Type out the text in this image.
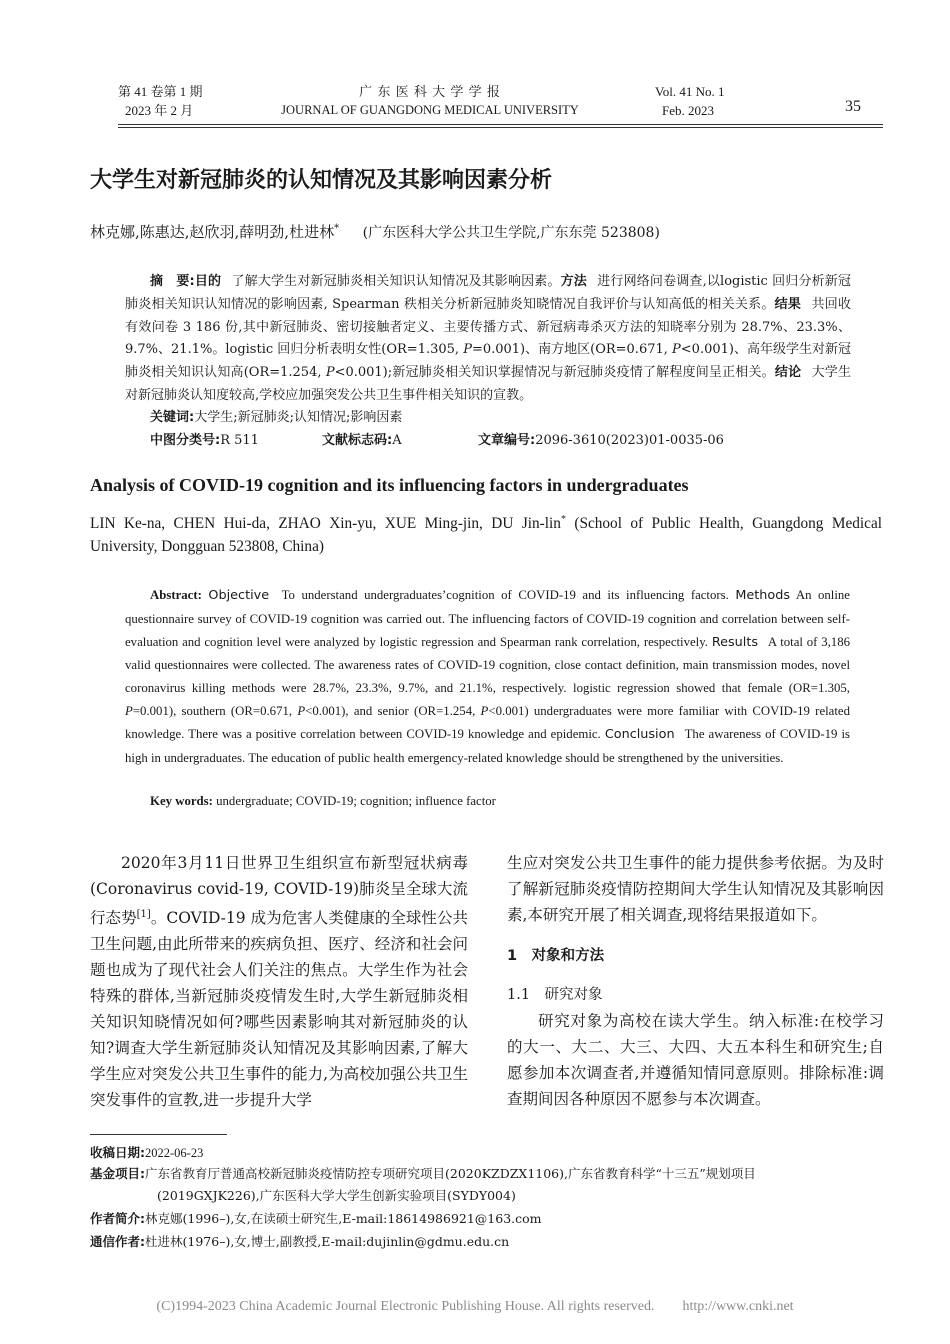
第 41 卷第 1 期
2023 年 2 月
广 东 医 科 大 学 学 报
JOURNAL OF GUANGDONG MEDICAL UNIVERSITY
Vol. 41 No. 1
Feb. 2023	35
大学生对新冠肺炎的认知情况及其影响因素分析
林克娜,陈惠达,赵欣羽,薛明劲,杜进林* (广东医科大学公共卫生学院,广东东莞 523808)
摘　要:目的 了解大学生对新冠肺炎相关知识认知情况及其影响因素。方法 进行网络问卷调查,以logistic 回归分析新冠肺炎相关知识认知情况的影响因素, Spearman 秩相关分析新冠肺炎知晓情况自我评价与认知高低的相关关系。结果 共回收有效问卷 3 186 份,其中新冠肺炎、密切接触者定义、主要传播方式、新冠病毒杀灭方法的知晓率分别为 28.7%、23.3%、9.7%、21.1%。logistic 回归分析表明女性(OR=1.305, P=0.001)、南方地区(OR=0.671, P<0.001)、高年级学生对新冠肺炎相关知识认知高(OR=1.254, P<0.001);新冠肺炎相关知识掌握情况与新冠肺炎疫情了解程度间呈正相关。结论 大学生对新冠肺炎认知度较高,学校应加强突发公共卫生事件相关知识的宣教。
关键词:大学生;新冠肺炎;认知情况;影响因素
中图分类号:R 511	文献标志码:A	文章编号:2096-3610(2023)01-0035-06
Analysis of COVID-19 cognition and its influencing factors in undergraduates
LIN Ke-na, CHEN Hui-da, ZHAO Xin-yu, XUE Ming-jin, DU Jin-lin* (School of Public Health, Guangdong Medical University, Dongguan 523808, China)
Abstract: Objective To understand undergraduates’cognition of COVID-19 and its influencing factors. Methods An online questionnaire survey of COVID-19 cognition was carried out. The influencing factors of COVID-19 cognition and correlation between self-evaluation and cognition level were analyzed by logistic regression and Spearman rank correlation, respectively. Results A total of 3,186 valid questionnaires were collected. The awareness rates of COVID-19 cognition, close contact definition, main transmission modes, novel coronavirus killing methods were 28.7%, 23.3%, 9.7%, and 21.1%, respectively. logistic regression showed that female (OR=1.305, P=0.001), southern (OR=0.671, P<0.001), and senior (OR=1.254, P<0.001) undergraduates were more familiar with COVID-19 related knowledge. There was a positive correlation between COVID-19 knowledge and epidemic. Conclusion The awareness of COVID-19 is high in undergraduates. The education of public health emergency-related knowledge should be strengthened by the universities.
Key words: undergraduate; COVID-19; cognition; influence factor
2020年3月11日世界卫生组织宣布新型冠状病毒(Coronavirus covid-19, COVID-19)肺炎呈全球大流行态势[1]。COVID-19 成为危害人类健康的全球性公共卫生问题,由此所带来的疾病负担、医疗、经济和社会问题也成为了现代社会人们关注的焦点。大学生作为社会特殊的群体,当新冠肺炎疫情发生时,大学生新冠肺炎相关知识知晓情况如何?哪些因素影响其对新冠肺炎的认知?调查大学生新冠肺炎认知情况及其影响因素,了解大学生应对突发公共卫生事件的能力,为高校加强公共卫生突发事件的宣教,进一步提升大学
生应对突发公共卫生事件的能力提供参考依据。为及时了解新冠肺炎疫情防控期间大学生认知情况及其影响因素,本研究开展了相关调查,现将结果报道如下。
1　对象和方法
1.1　研究对象
研究对象为高校在读大学生。纳入标准:在校学习的大一、大二、大三、大四、大五本科生和研究生;自愿参加本次调查者,并遵循知情同意原则。排除标准:调查期间因各种原因不愿参与本次调查。
收稿日期:2022-06-23
基金项目:广东省教育厅普通高校新冠肺炎疫情防控专项研究项目(2020KZDZX1106),广东省教育科学“十三五”规划项目
(2019GXJK226),广东医科大学大学生创新实验项目(SYDY004)
作者简介:林克娜(1996–),女,在读硕士研究生,E-mail:18614986921@163.com
通信作者:杜进林(1976–),女,博士,副教授,E-mail:dujinlin@gdmu.edu.cn
(C)1994-2023 China Academic Journal Electronic Publishing House. All rights reserved.　　http://www.cnki.net
